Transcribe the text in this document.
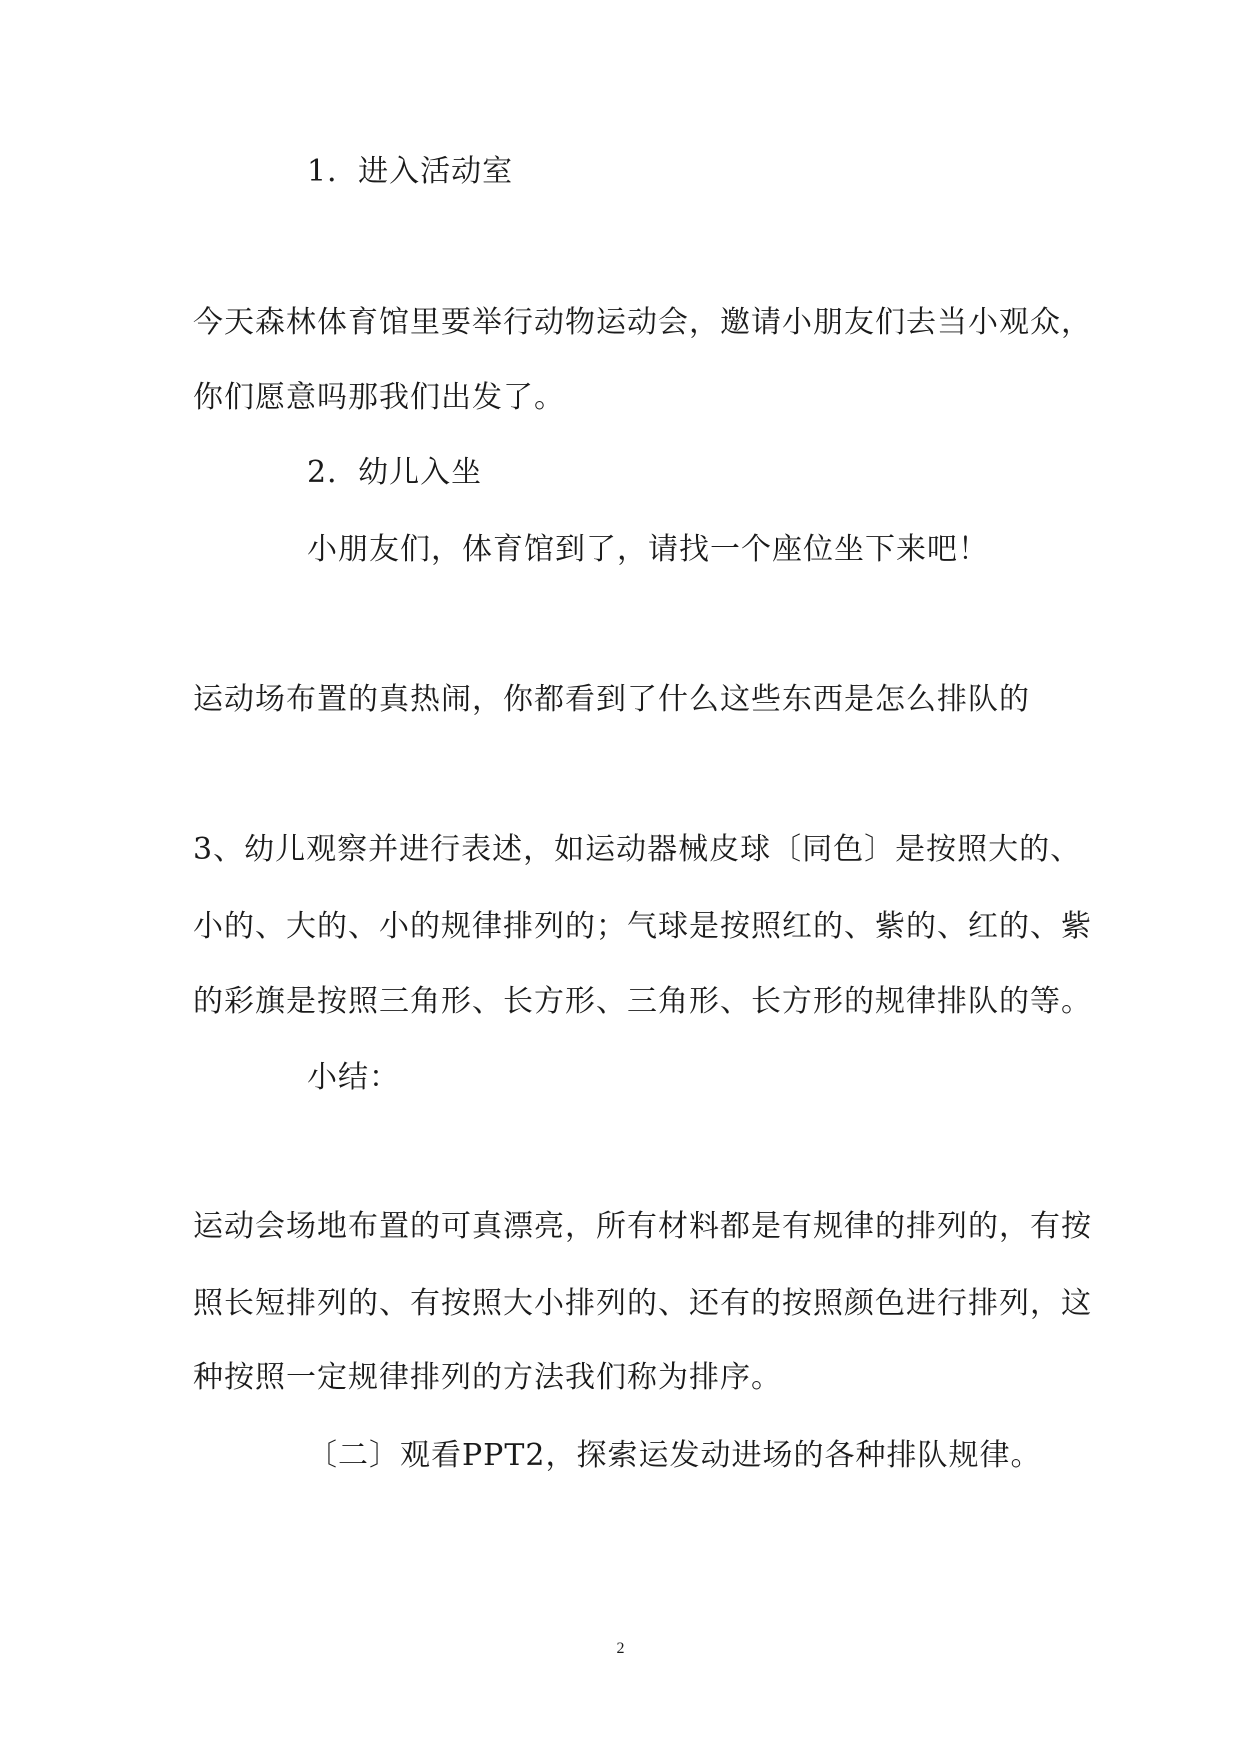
1．进入活动室
今天森林体育馆里要举行动物运动会，邀请小朋友们去当小观众，
你们愿意吗那我们出发了。
2．幼儿入坐
小朋友们，体育馆到了，请找一个座位坐下来吧！
运动场布置的真热闹，你都看到了什么这些东西是怎么排队的
3、幼儿观察并进行表述，如运动器械皮球〔同色〕是按照大的、
小的、大的、小的规律排列的；气球是按照红的、紫的、红的、紫
的彩旗是按照三角形、长方形、三角形、长方形的规律排队的等。
小结：
运动会场地布置的可真漂亮，所有材料都是有规律的排列的，有按
照长短排列的、有按照大小排列的、还有的按照颜色进行排列，这
种按照一定规律排列的方法我们称为排序。
〔二〕观看PPT2，探索运发动进场的各种排队规律。
2
